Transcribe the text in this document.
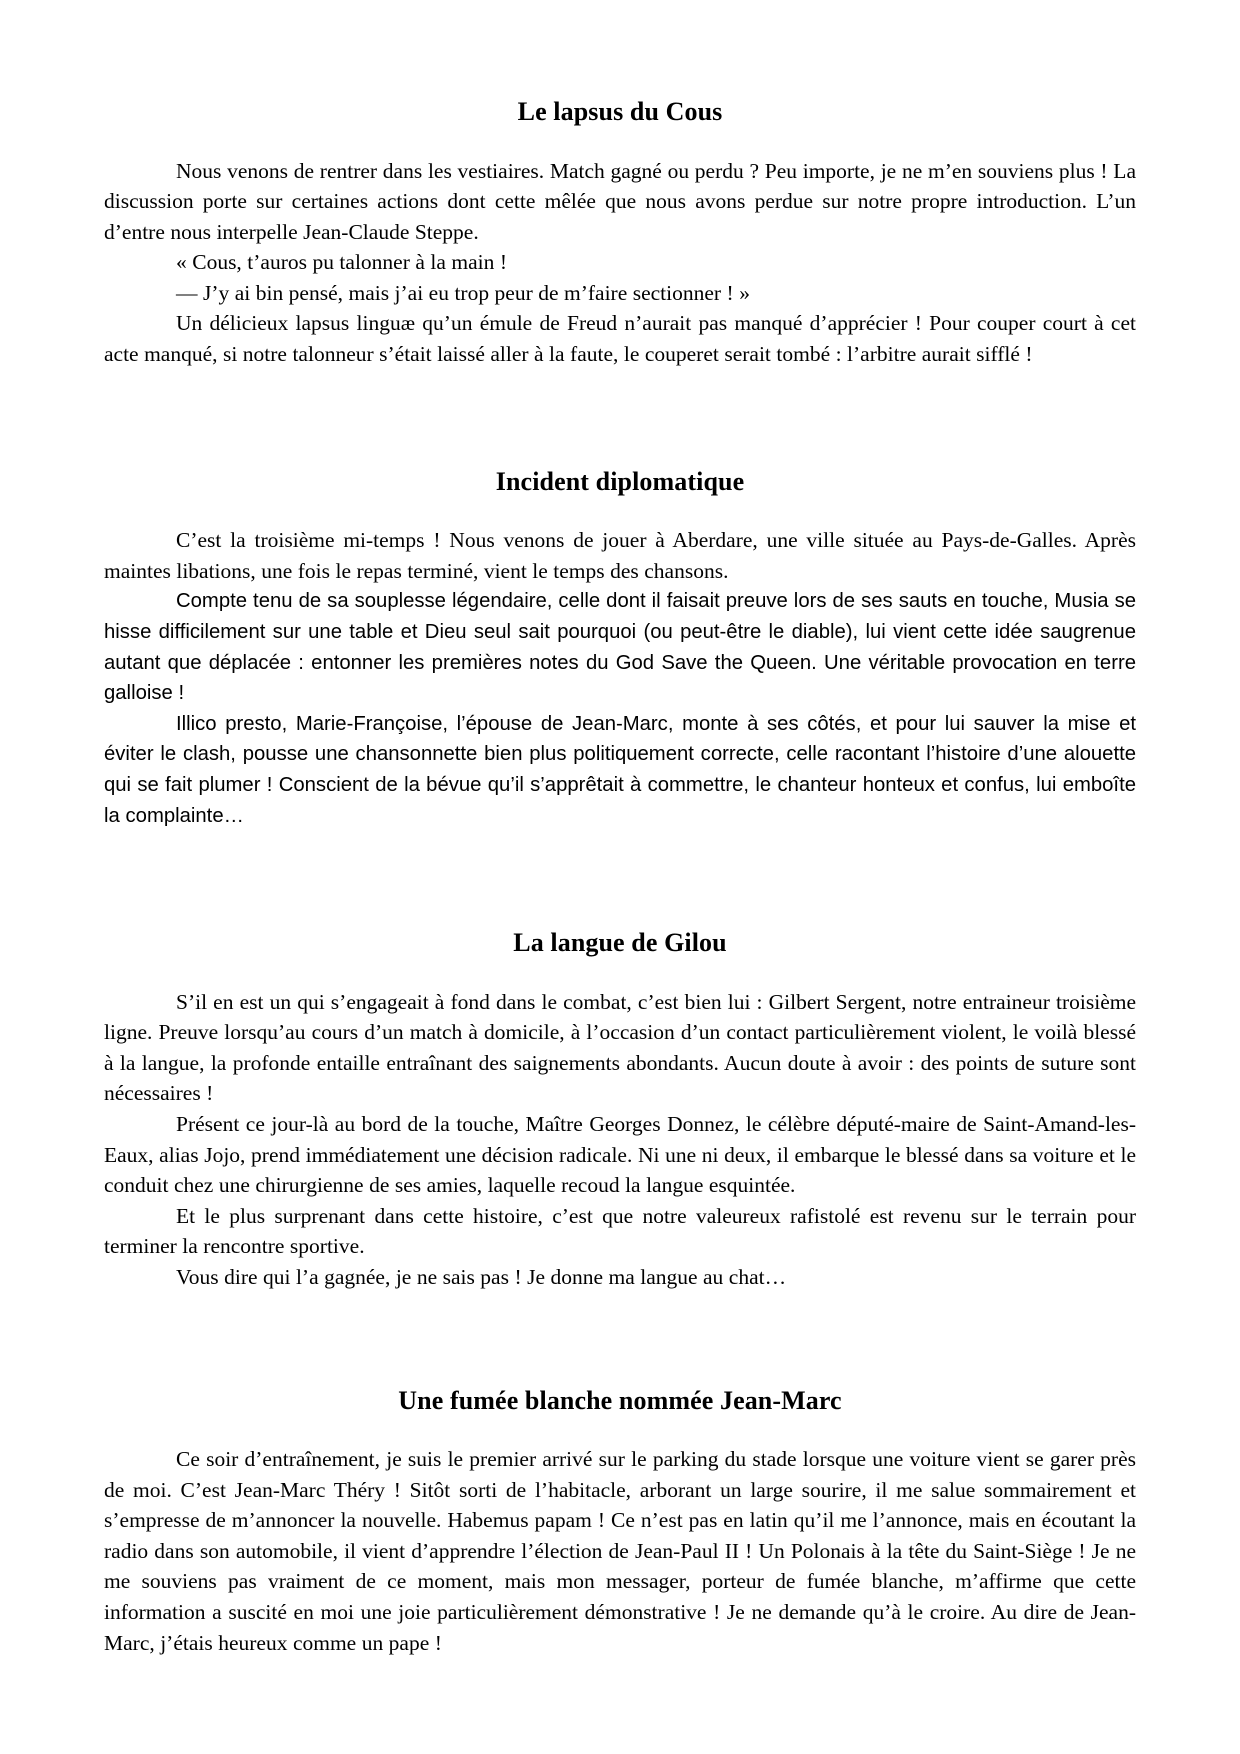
Le lapsus du Cous

Nous venons de rentrer dans les vestiaires. Match gagné ou perdu ? Peu importe, je ne m’en souviens plus ! La discussion porte sur certaines actions dont cette mêlée que nous avons perdue sur notre propre introduction. L’un d’entre nous interpelle Jean-Claude Steppe.

« Cous, t’auros pu talonner à la main !

— J’y ai bin pensé, mais j’ai eu trop peur de m’faire sectionner ! »

Un délicieux lapsus linguæ qu’un émule de Freud n’aurait pas manqué d’apprécier ! Pour couper court à cet acte manqué, si notre talonneur s’était laissé aller à la faute, le couperet serait tombé : l’arbitre aurait sifflé !

Incident diplomatique

C’est la troisième mi-temps ! Nous venons de jouer à Aberdare, une ville située au Pays-de-Galles. Après maintes libations, une fois le repas terminé, vient le temps des chansons.

Compte tenu de sa souplesse légendaire, celle dont il faisait preuve lors de ses sauts en touche, Musia se hisse difficilement sur une table et Dieu seul sait pourquoi (ou peut-être le diable), lui vient cette idée saugrenue autant que déplacée : entonner les premières notes du God Save the Queen. Une véritable provocation en terre galloise !

Illico presto, Marie-Françoise, l’épouse de Jean-Marc, monte à ses côtés, et pour lui sauver la mise et éviter le clash, pousse une chansonnette bien plus politiquement correcte, celle racontant l’histoire d’une alouette qui se fait plumer ! Conscient de la bévue qu’il s’apprêtait à commettre, le chanteur honteux et confus, lui emboîte la complainte…

La langue de Gilou

S’il en est un qui s’engageait à fond dans le combat, c’est bien lui : Gilbert Sergent, notre entraineur troisième ligne. Preuve lorsqu’au cours d’un match à domicile, à l’occasion d’un contact particulièrement violent, le voilà blessé à la langue, la profonde entaille entraînant des saignements abondants. Aucun doute à avoir : des points de suture sont nécessaires !

Présent ce jour-là au bord de la touche, Maître Georges Donnez, le célèbre député-maire de Saint-Amand-les-Eaux, alias Jojo, prend immédiatement une décision radicale. Ni une ni deux, il embarque le blessé dans sa voiture et le conduit chez une chirurgienne de ses amies, laquelle recoud la langue esquintée.

Et le plus surprenant dans cette histoire, c’est que notre valeureux rafistolé est revenu sur le terrain pour terminer la rencontre sportive.

Vous dire qui l’a gagnée, je ne sais pas ! Je donne ma langue au chat…

Une fumée blanche nommée Jean-Marc

Ce soir d’entraînement, je suis le premier arrivé sur le parking du stade lorsque une voiture vient se garer près de moi. C’est Jean-Marc Théry ! Sitôt sorti de l’habitacle, arborant un large sourire, il me salue sommairement et s’empresse de m’annoncer la nouvelle. Habemus papam ! Ce n’est pas en latin qu’il me l’annonce, mais en écoutant la radio dans son automobile, il vient d’apprendre l’élection de Jean-Paul II ! Un Polonais à la tête du Saint-Siège ! Je ne me souviens pas vraiment de ce moment, mais mon messager, porteur de fumée blanche, m’affirme que cette information a suscité en moi une joie particulièrement démonstrative ! Je ne demande qu’à le croire. Au dire de Jean-Marc, j’étais heureux comme un pape !
